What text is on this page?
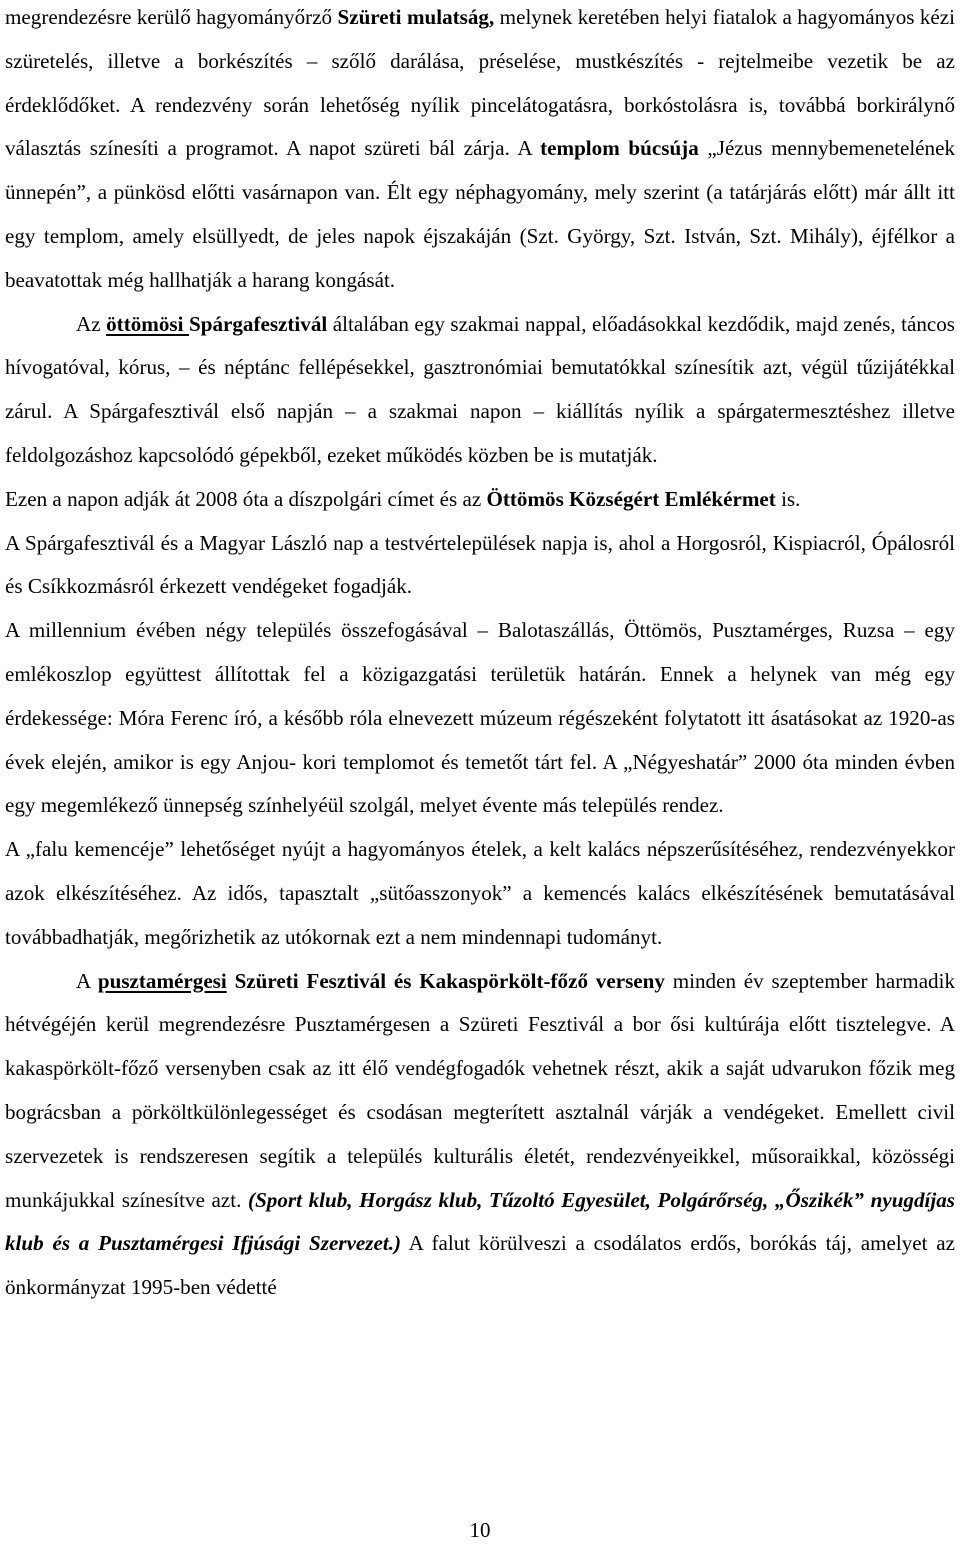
megrendezésre kerülő hagyományőrző Szüreti mulatság, melynek keretében helyi fiatalok a hagyományos kézi szüretelés, illetve a borkészítés – szőlő darálása, préselése, mustkészítés - rejtelmeibe vezetik be az érdeklődőket. A rendezvény során lehetőség nyílik pincelátogatásra, borkóstolásra is, továbbá borkirálynő választás színesíti a programot. A napot szüreti bál zárja. A templom búcsúja „Jézus mennybemenetelének ünnepén”, a pünkösd előtti vasárnapon van. Élt egy néphagyomány, mely szerint (a tatárjárás előtt) már állt itt egy templom, amely elsüllyedt, de jeles napok éjszakáján (Szt. György, Szt. István, Szt. Mihály), éjfélkor a beavatottak még hallhatják a harang kongását.

Az öttömösi Spárgafesztivál általában egy szakmai nappal, előadásokkal kezdődik, majd zenés, táncos hívogatóval, kórus, – és néptánc fellépésekkel, gasztronómiai bemutatókkal színesítik azt, végül tűzijátékkal zárul. A Spárgafesztivál első napján – a szakmai napon – kiállítás nyílik a spárgatermesztéshez illetve feldolgozáshoz kapcsolódó gépekből, ezeket működés közben be is mutatják.

Ezen a napon adják át 2008 óta a díszpolgári címet és az Öttömös Községért Emlékérmet is.

A Spárgafesztivál és a Magyar László nap a testvértelepülések napja is, ahol a Horgosról, Kispiacról, Ópálosról és Csíkkozmásról érkezett vendégeket fogadják.

A millennium évében négy település összefogásával – Balotaszállás, Öttömös, Pusztamérges, Ruzsa – egy emlékoszlop együttest állítottak fel a közigazgatási területük határán. Ennek a helynek van még egy érdekessége: Móra Ferenc író, a később róla elnevezett múzeum régészeként folytatott itt ásatásokat az 1920-as évek elején, amikor is egy Anjou- kori templomot és temetőt tárt fel. A „Négyeshatár” 2000 óta minden évben egy megemlékező ünnepség színhelyéül szolgál, melyet évente más település rendez.

A „falu kemencéje” lehetőséget nyújt a hagyományos ételek, a kelt kalács népszerűsítéséhez, rendezvényekkor azok elkészítéséhez. Az idős, tapasztalt „sütőasszonyok” a kemencés kalács elkészítésének bemutatásával továbbadhatják, megőrizhetik az utókornak ezt a nem mindennapi tudományt.

A pusztamérgesi Szüreti Fesztivál és Kakaspörkölt-főző verseny minden év szeptember harmadik hétvégéjén kerül megrendezésre Pusztamérgesen a Szüreti Fesztivál a bor ősi kultúrája előtt tisztelegve. A kakaspörkölt-főző versenyben csak az itt élő vendégfogadók vehetnek részt, akik a saját udvarukon főzik meg bográcsban a pörköltkülönlegességet és csodásan megterített asztalnál várják a vendégeket. Emellett civil szervezetek is rendszeresen segítik a település kulturális életét, rendezvényeikkel, műsoraikkal, közösségi munkájukkal színesítve azt. (Sport klub, Horgász klub, Tűzoltó Egyesület, Polgárőrség, „Őszikék” nyugdíjas klub és a Pusztamérgesi Ifjúsági Szervezet.) A falut körülveszi a csodálatos erdős, borókás táj, amelyet az önkormányzat 1995-ben védetté

10
